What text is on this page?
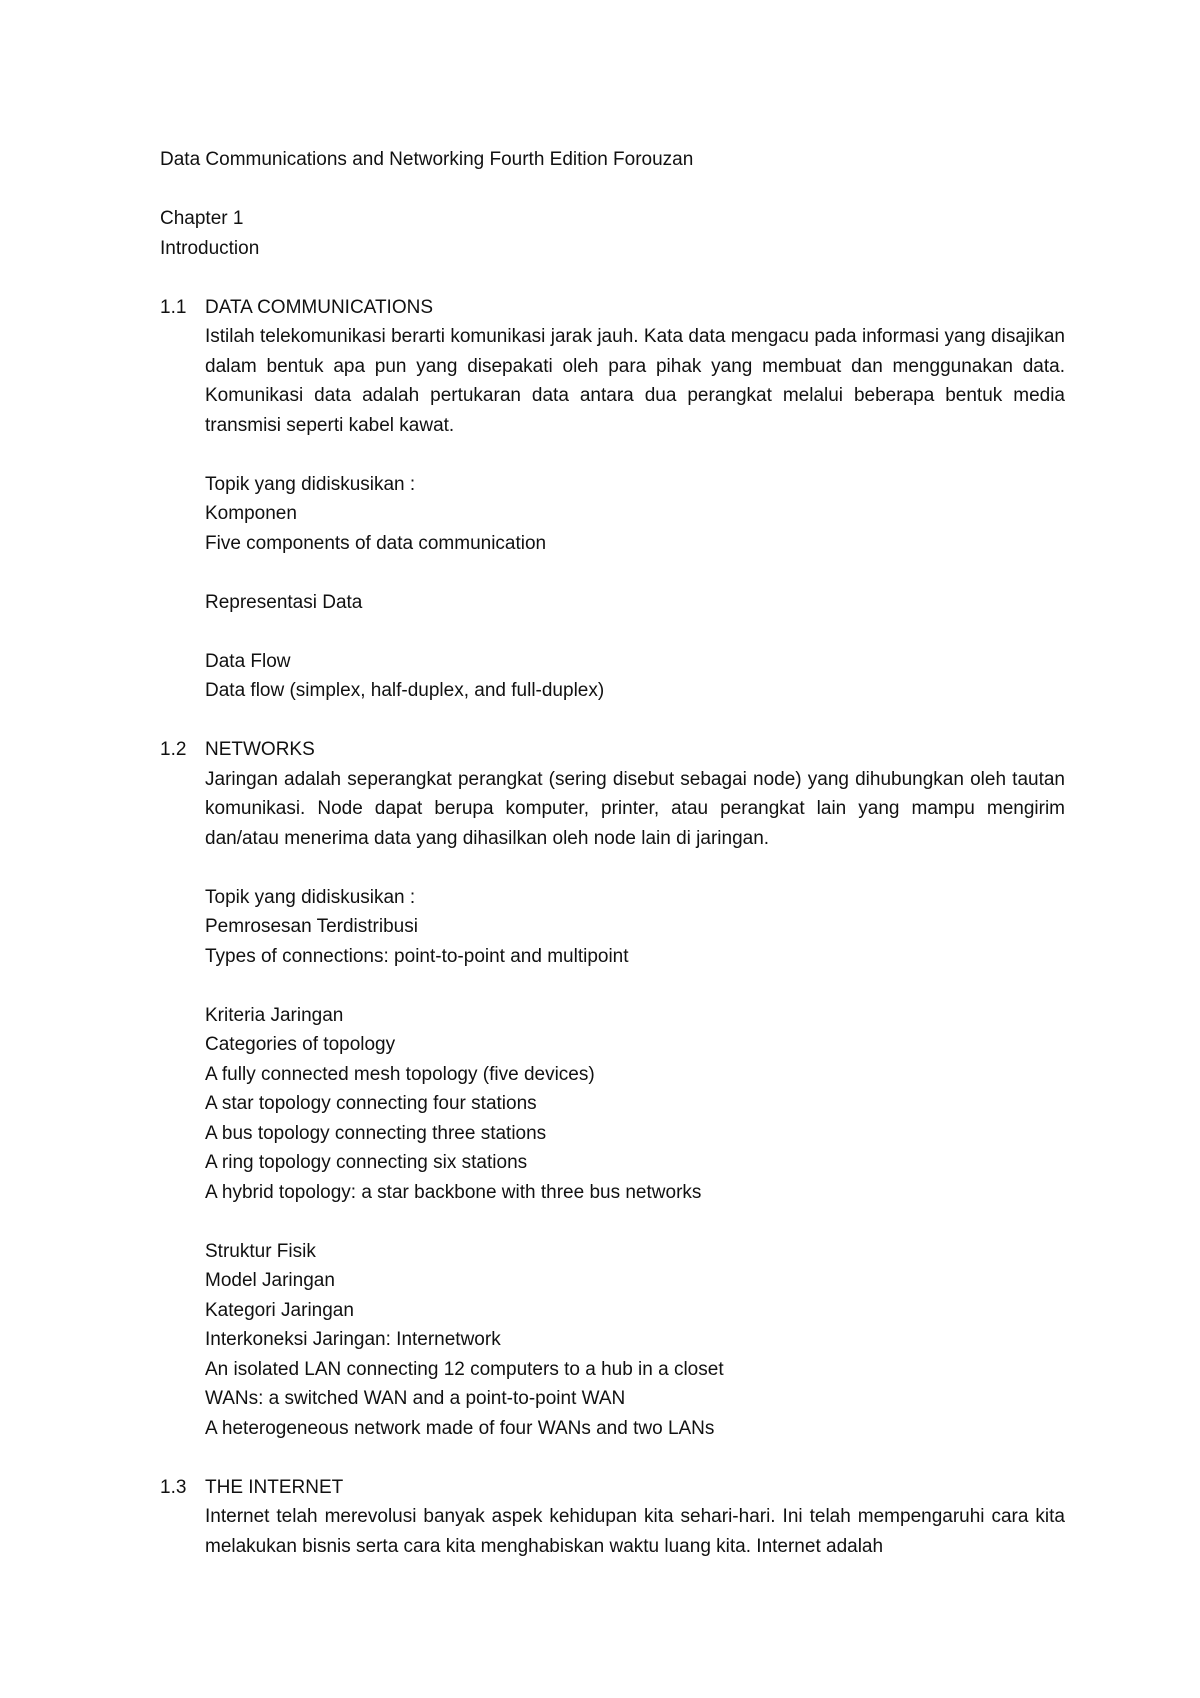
Data Communications and Networking Fourth Edition Forouzan
Chapter 1
Introduction
1.1 DATA COMMUNICATIONS
Istilah telekomunikasi berarti komunikasi jarak jauh. Kata data mengacu pada informasi yang disajikan dalam bentuk apa pun yang disepakati oleh para pihak yang membuat dan menggunakan data. Komunikasi data adalah pertukaran data antara dua perangkat melalui beberapa bentuk media transmisi seperti kabel kawat.
Topik yang didiskusikan :
Komponen
Five components of data communication
Representasi Data
Data Flow
Data flow (simplex, half-duplex, and full-duplex)
1.2 NETWORKS
Jaringan adalah seperangkat perangkat (sering disebut sebagai node) yang dihubungkan oleh tautan komunikasi. Node dapat berupa komputer, printer, atau perangkat lain yang mampu mengirim dan/atau menerima data yang dihasilkan oleh node lain di jaringan.
Topik yang didiskusikan :
Pemrosesan Terdistribusi
Types of connections: point-to-point and multipoint
Kriteria Jaringan
Categories of topology
A fully connected mesh topology (five devices)
A star topology connecting four stations
A bus topology connecting three stations
A ring topology connecting six stations
A hybrid topology: a star backbone with three bus networks
Struktur Fisik
Model Jaringan
Kategori Jaringan
Interkoneksi Jaringan: Internetwork
An isolated LAN connecting 12 computers to a hub in a closet
WANs: a switched WAN and a point-to-point WAN
A heterogeneous network made of four WANs and two LANs
1.3 THE INTERNET
Internet telah merevolusi banyak aspek kehidupan kita sehari-hari. Ini telah mempengaruhi cara kita melakukan bisnis serta cara kita menghabiskan waktu luang kita. Internet adalah
